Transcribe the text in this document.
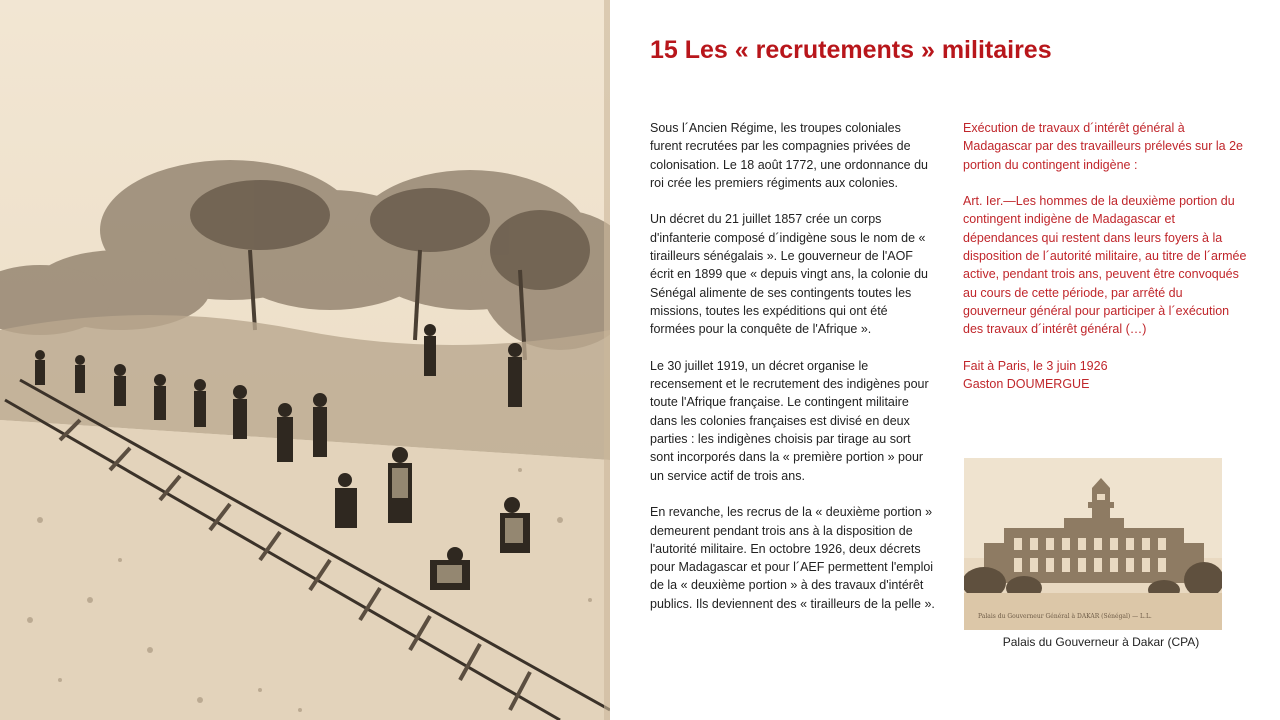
15 Les « recrutements » militaires

Sous l´Ancien Régime, les troupes coloniales furent recrutées par les compagnies privées de colonisation. Le 18 août 1772, une ordonnance du roi crée les premiers régiments aux colonies.

Un décret du 21 juillet 1857 crée un corps d'infanterie composé d´indigène sous le nom de « tirailleurs sénégalais ». Le gouverneur de l'AOF écrit en 1899 que « depuis vingt ans, la colonie du Sénégal alimente de ses contingents toutes les missions, toutes les expéditions qui ont été formées pour la conquête de l'Afrique ».

Le 30 juillet 1919, un décret organise le recensement et le recrutement des indigènes pour toute l'Afrique française. Le contingent militaire dans les colonies françaises est divisé en deux parties : les indigènes choisis par tirage au sort sont incorporés dans la « première portion » pour un service actif de trois ans.

En revanche, les recrus de la « deuxième portion » demeurent pendant trois ans à la disposition de l'autorité militaire. En octobre 1926, deux décrets pour Madagascar et pour l´AEF permettent l'emploi de la « deuxième portion » à des travaux d'intérêt publics. Ils deviennent des « tirailleurs de la pelle ».

Exécution de travaux d´intérêt général à Madagascar par des travailleurs prélevés sur la 2e portion du contingent indigène :

Art. Ier.—Les hommes de la deuxième portion du contingent indigène de Madagascar et dépendances qui restent dans leurs foyers à la disposition de l´autorité militaire, au titre de l´armée active, pendant trois ans, peuvent être convoqués au cours de cette période, par arrêté du gouverneur général pour participer à l´exécution des travaux d´intérêt général (…)

Fait à Paris, le 3 juin 1926
Gaston DOUMERGUE
Palais du Gouverneur Général à DAKAR (Sénégal) — L.L.
Palais du Gouverneur à Dakar (CPA)
